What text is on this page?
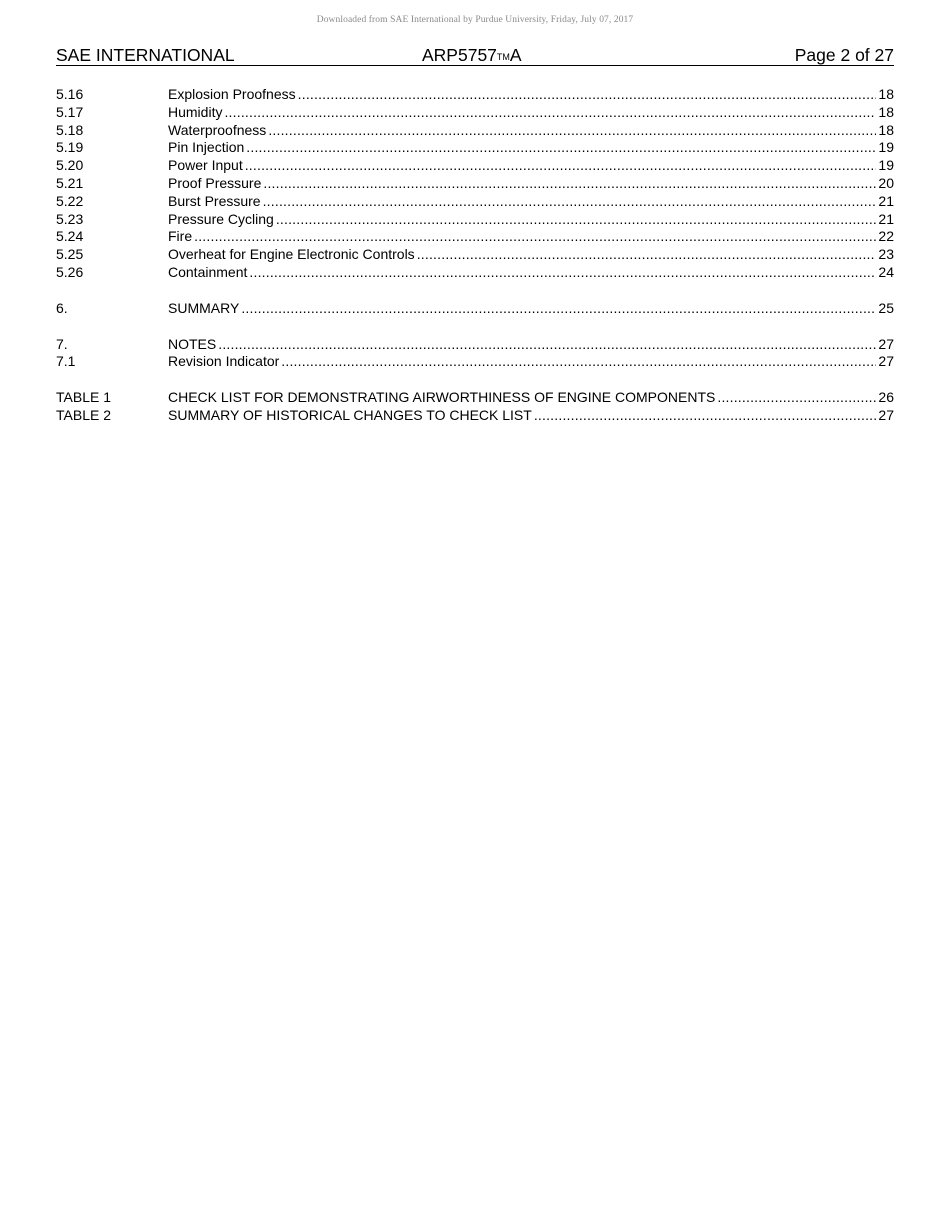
Downloaded from SAE International by Purdue University, Friday, July 07, 2017
SAE INTERNATIONAL	ARP5757TMA	Page 2 of 27
5.16	Explosion Proofness .....	18
5.17	Humidity .....	18
5.18	Waterproofness .....	18
5.19	Pin Injection .....	19
5.20	Power Input .....	19
5.21	Proof Pressure .....	20
5.22	Burst Pressure .....	21
5.23	Pressure Cycling .....	21
5.24	Fire .....	22
5.25	Overheat for Engine Electronic Controls .....	23
5.26	Containment .....	24
6.	SUMMARY .....	25
7.	NOTES .....	27
7.1	Revision Indicator .....	27
TABLE 1	CHECK LIST FOR DEMONSTRATING AIRWORTHINESS OF ENGINE COMPONENTS .....	26
TABLE 2	SUMMARY OF HISTORICAL CHANGES TO CHECK LIST .....	27
